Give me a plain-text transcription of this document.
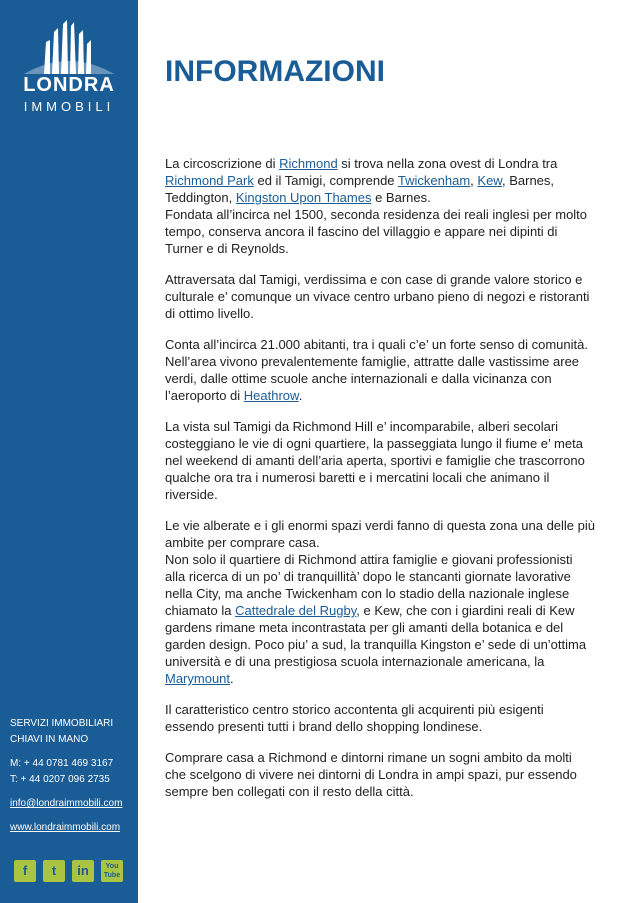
LONDRA
IMMOBILI
SERVIZI IMMOBILIARI
CHIAVI IN MANO
M: + 44 0781 469 3167
T: + 44 0207 096 2735
info@londraimmobili.com
www.londraimmobili.com
f	t	in	You Tube
INFORMAZIONI

La circoscrizione di Richmond si trova nella zona ovest di Londra tra Richmond Park ed il Tamigi, comprende Twickenham, Kew, Barnes, Teddington, Kingston Upon Thames e Barnes.
Fondata all’incirca nel 1500, seconda residenza dei reali inglesi per molto tempo, conserva ancora il fascino del villaggio e appare nei dipinti di Turner e di Reynolds.

Attraversata dal Tamigi, verdissima e con case di grande valore storico e culturale e’ comunque un vivace centro urbano pieno di negozi e ristoranti di ottimo livello.

Conta all’incirca 21.000 abitanti, tra i quali c’e’ un forte senso di comunità. Nell’area vivono prevalentemente famiglie, attratte dalle vastissime aree verdi, dalle ottime scuole anche internazionali e dalla vicinanza con l’aeroporto di Heathrow.

La vista sul Tamigi da Richmond Hill e’ incomparabile, alberi secolari costeggiano le vie di ogni quartiere, la passeggiata lungo il fiume e’ meta nel weekend di amanti dell’aria aperta, sportivi e famiglie che trascorrono qualche ora tra i numerosi baretti e i mercatini locali che animano il riverside.

Le vie alberate e i gli enormi spazi verdi fanno di questa zona una delle più ambite per comprare casa.
Non solo il quartiere di Richmond attira famiglie e giovani professionisti alla ricerca di un po’ di tranquillità’ dopo le stancanti giornate lavorative nella City, ma anche Twickenham con lo stadio della nazionale inglese chiamato la Cattedrale del Rugby, e Kew, che con i giardini reali di Kew gardens rimane meta incontrastata per gli amanti della botanica e del garden design. Poco piu’ a sud, la tranquilla Kingston e’ sede di un’ottima università e di una prestigiosa scuola internazionale americana, la Marymount.

Il caratteristico centro storico accontenta gli acquirenti più esigenti essendo presenti tutti i brand dello shopping londinese.

Comprare casa a Richmond e dintorni rimane un sogni ambito da molti che scelgono di vivere nei dintorni di Londra in ampi spazi, pur essendo sempre ben collegati con il resto della città.
